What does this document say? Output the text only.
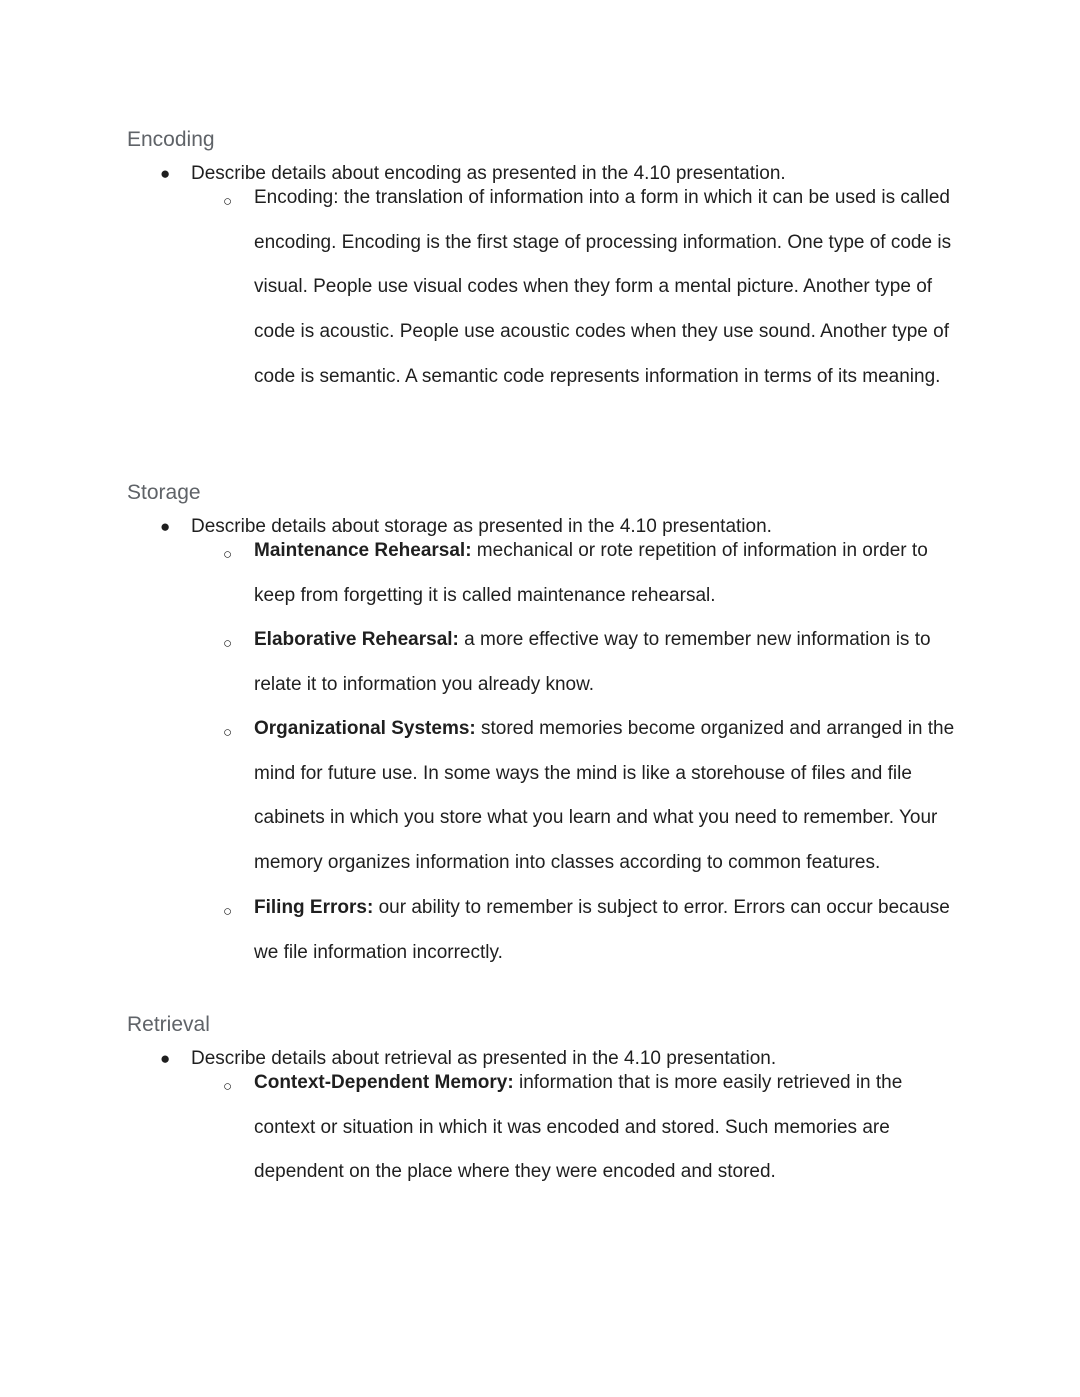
Encoding
● Describe details about encoding as presented in the 4.10 presentation.
○ Encoding: the translation of information into a form in which it can be used is called encoding. Encoding is the first stage of processing information. One type of code is visual. People use visual codes when they form a mental picture. Another type of code is acoustic. People use acoustic codes when they use sound. Another type of code is semantic. A semantic code represents information in terms of its meaning.

Storage
● Describe details about storage as presented in the 4.10 presentation.
○ Maintenance Rehearsal: mechanical or rote repetition of information in order to keep from forgetting it is called maintenance rehearsal.

○ Elaborative Rehearsal: a more effective way to remember new information is to relate it to information you already know.

○ Organizational Systems: stored memories become organized and arranged in the mind for future use. In some ways the mind is like a storehouse of files and file cabinets in which you store what you learn and what you need to remember. Your memory organizes information into classes according to common features.

○ Filing Errors: our ability to remember is subject to error. Errors can occur because we file information incorrectly.

Retrieval
● Describe details about retrieval as presented in the 4.10 presentation.
○ Context-Dependent Memory: information that is more easily retrieved in the context or situation in which it was encoded and stored. Such memories are dependent on the place where they were encoded and stored.
